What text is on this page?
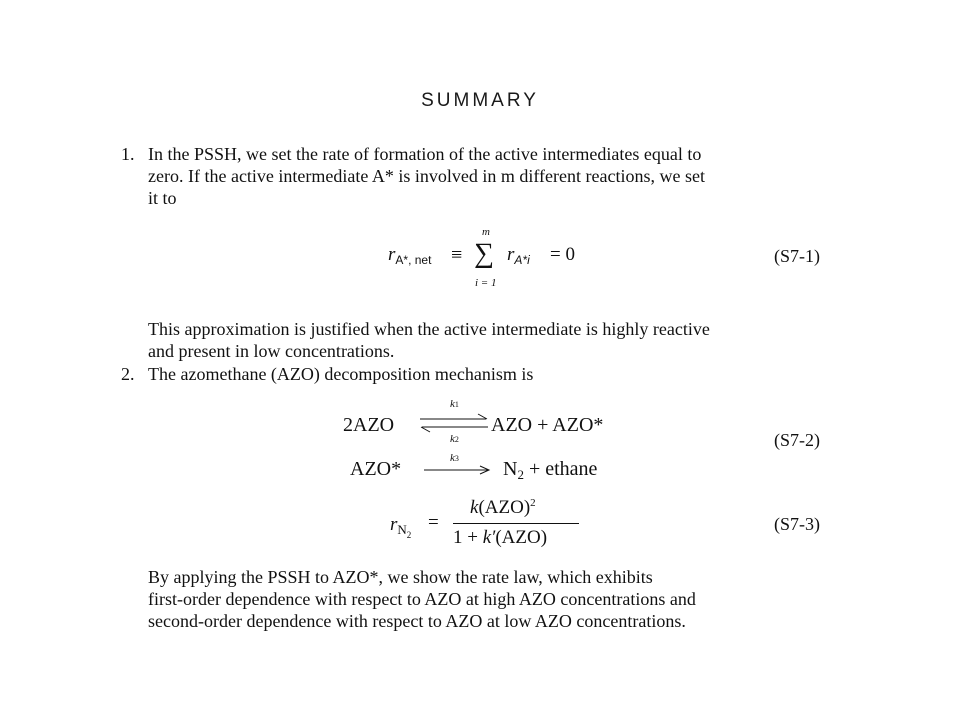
SUMMARY
1. In the PSSH, we set the rate of formation of the active intermediates equal to
zero. If the active intermediate A* is involved in m different reactions, we set
it to
$r_{A*, net}$ ≡
m
∑
i = 1
$r_{A*i} = 0$	(S7-1)
This approximation is justified when the active intermediate is highly reactive
and present in low concentrations.
2. The azomethane (AZO) decomposition mechanism is
2AZO
k1
k2
AZO + AZO*
AZO*	k3 $N_2$ + ethane
(S7-2)
$r_{N2}$
=
k(AZO)$^2$
1 + k′(AZO)
(S7-3)
By applying the PSSH to AZO*, we show the rate law, which exhibits
first-order dependence with respect to AZO at high AZO concentrations and
second-order dependence with respect to AZO at low AZO concentrations.
